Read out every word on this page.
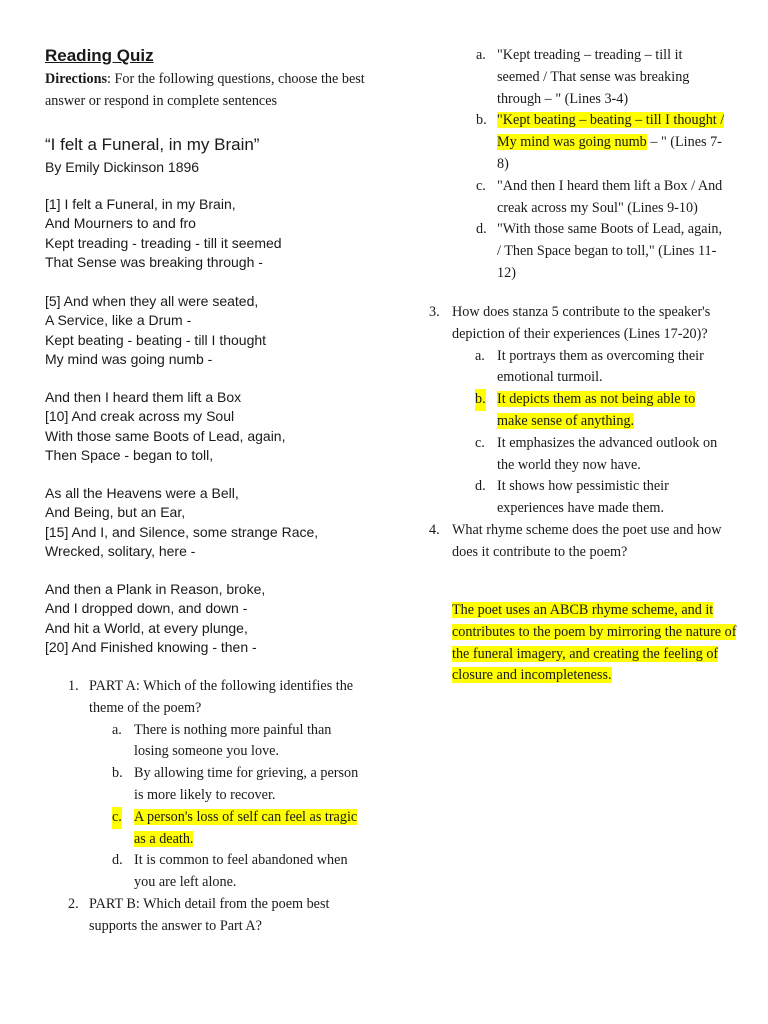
Reading Quiz
Directions: For the following questions, choose the best answer or respond in complete sentences
“I felt a Funeral, in my Brain”
By Emily Dickinson 1896
[1] I felt a Funeral, in my Brain,
And Mourners to and fro
Kept treading - treading - till it seemed
That Sense was breaking through -
[5] And when they all were seated,
A Service, like a Drum -
Kept beating - beating - till I thought
My mind was going numb -
And then I heard them lift a Box
[10] And creak across my Soul
With those same Boots of Lead, again,
Then Space - began to toll,
As all the Heavens were a Bell,
And Being, but an Ear,
[15] And I, and Silence, some strange Race,
Wrecked, solitary, here -
And then a Plank in Reason, broke,
And I dropped down, and down -
And hit a World, at every plunge,
[20] And Finished knowing - then -
1. PART A: Which of the following identifies the theme of the poem?
a. There is nothing more painful than losing someone you love.
b. By allowing time for grieving, a person is more likely to recover.
c. A person's loss of self can feel as tragic as a death.
d. It is common to feel abandoned when you are left alone.
2. PART B: Which detail from the poem best supports the answer to Part A?
a. "Kept treading – treading – till it seemed / That sense was breaking through – " (Lines 3-4)
b. "Kept beating – beating – till I thought / My mind was going numb – " (Lines 7-8)
c. "And then I heard them lift a Box / And creak across my Soul" (Lines 9-10)
d. "With those same Boots of Lead, again, / Then Space began to toll," (Lines 11-12)
3. How does stanza 5 contribute to the speaker's depiction of their experiences (Lines 17-20)?
a. It portrays them as overcoming their emotional turmoil.
b. It depicts them as not being able to make sense of anything.
c. It emphasizes the advanced outlook on the world they now have.
d. It shows how pessimistic their experiences have made them.
4. What rhyme scheme does the poet use and how does it contribute to the poem?
The poet uses an ABCB rhyme scheme, and it contributes to the poem by mirroring the nature of the funeral imagery, and creating the feeling of closure and incompleteness.
